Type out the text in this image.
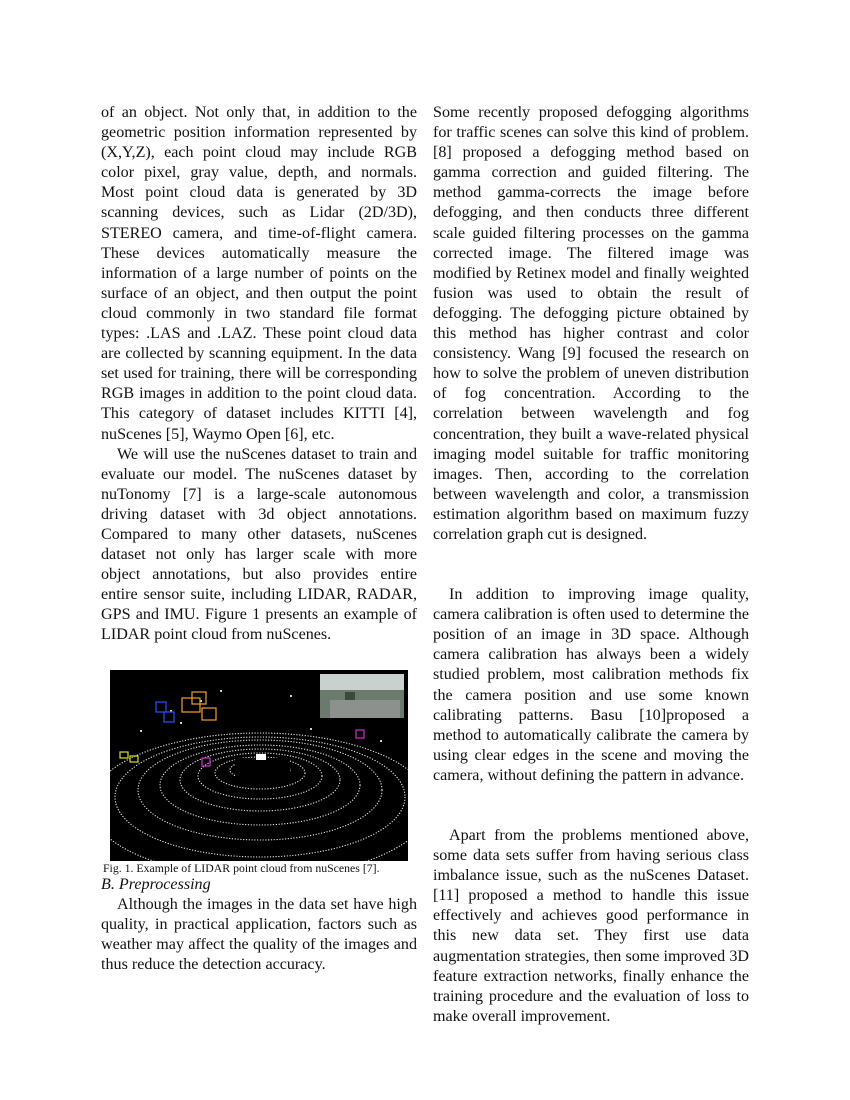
of an object. Not only that, in addition to the geometric position information represented by (X,Y,Z), each point cloud may include RGB color pixel, gray value, depth, and normals. Most point cloud data is generated by 3D scanning devices, such as Lidar (2D/3D), STEREO camera, and time-of-flight camera. These devices automatically measure the information of a large number of points on the surface of an object, and then output the point cloud commonly in two standard file format types: .LAS and .LAZ. These point cloud data are collected by scanning equipment. In the data set used for training, there will be corresponding RGB images in addition to the point cloud data. This category of dataset includes KITTI [4], nuScenes [5], Waymo Open [6], etc.

We will use the nuScenes dataset to train and evaluate our model. The nuScenes dataset by nuTonomy [7] is a large-scale autonomous driving dataset with 3d object annotations. Compared to many other datasets, nuScenes dataset not only has larger scale with more object annotations, but also provides entire entire sensor suite, including LIDAR, RADAR, GPS and IMU. Figure 1 presents an example of LIDAR point cloud from nuScenes.

Fig. 1. Example of LIDAR point cloud from nuScenes [7].

B. Preprocessing

Although the images in the data set have high quality, in practical application, factors such as weather may affect the quality of the images and thus reduce the detection accuracy.

Some recently proposed defogging algorithms for traffic scenes can solve this kind of problem. [8] proposed a defogging method based on gamma correction and guided filtering. The method gamma-corrects the image before defogging, and then conducts three different scale guided filtering processes on the gamma corrected image. The filtered image was modified by Retinex model and finally weighted fusion was used to obtain the result of defogging. The defogging picture obtained by this method has higher contrast and color consistency. Wang [9] focused the research on how to solve the problem of uneven distribution of fog concentration. According to the correlation between wavelength and fog concentration, they built a wave-related physical imaging model suitable for traffic monitoring images. Then, according to the correlation between wavelength and color, a transmission estimation algorithm based on maximum fuzzy correlation graph cut is designed.

In addition to improving image quality, camera calibration is often used to determine the position of an image in 3D space. Although camera calibration has always been a widely studied problem, most calibration methods fix the camera position and use some known calibrating patterns. Basu [10]proposed a method to automatically calibrate the camera by using clear edges in the scene and moving the camera, without defining the pattern in advance.

Apart from the problems mentioned above, some data sets suffer from having serious class imbalance issue, such as the nuScenes Dataset. [11] proposed a method to handle this issue effectively and achieves good performance in this new data set. They first use data augmentation strategies, then some improved 3D feature extraction networks, finally enhance the training procedure and the evaluation of loss to make overall improvement.
